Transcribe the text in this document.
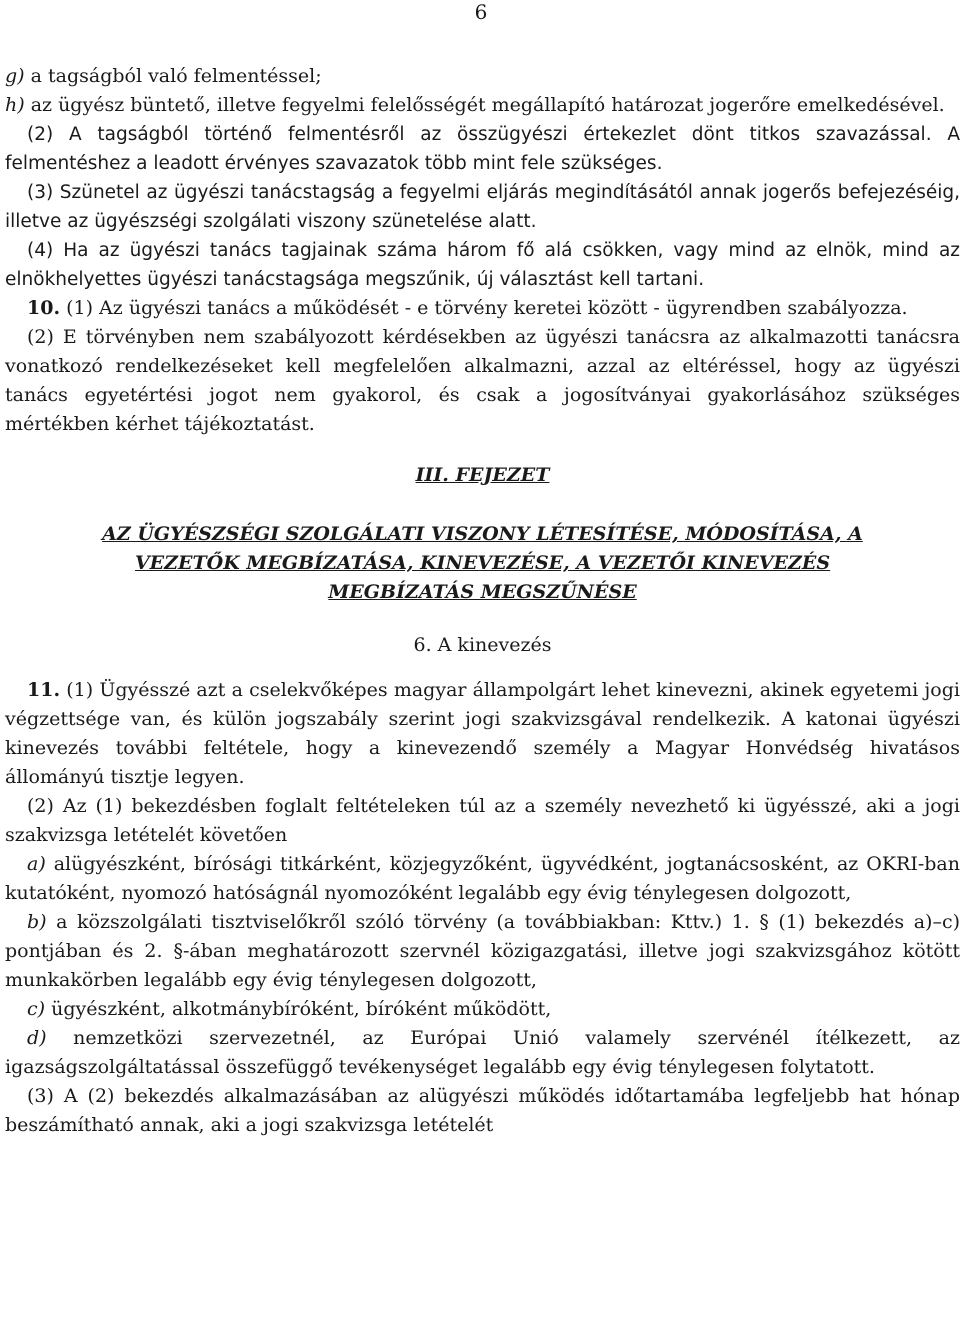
6

g) a tagságból való felmentéssel;

h) az ügyész büntető, illetve fegyelmi felelősségét megállapító határozat jogerőre emelkedésével.

(2) A tagságból történő felmentésről az összügyészi értekezlet dönt titkos szavazással. A felmentéshez a leadott érvényes szavazatok több mint fele szükséges.

(3) Szünetel az ügyészi tanácstagság a fegyelmi eljárás megindításától annak jogerős befejezéséig, illetve az ügyészségi szolgálati viszony szünetelése alatt.

(4) Ha az ügyészi tanács tagjainak száma három fő alá csökken, vagy mind az elnök, mind az elnökhelyettes ügyészi tanácstagsága megszűnik, új választást kell tartani.

10. (1) Az ügyészi tanács a működését - e törvény keretei között - ügyrendben szabályozza.

(2) E törvényben nem szabályozott kérdésekben az ügyészi tanácsra az alkalmazotti tanácsra vonatkozó rendelkezéseket kell megfelelően alkalmazni, azzal az eltéréssel, hogy az ügyészi tanács egyetértési jogot nem gyakorol, és csak a jogosítványai gyakorlásához szükséges mértékben kérhet tájékoztatást.

III. FEJEZET

AZ ÜGYÉSZSÉGI SZOLGÁLATI VISZONY LÉTESÍTÉSE, MÓDOSÍTÁSA, A
VEZETŐK MEGBÍZATÁSA, KINEVEZÉSE, A VEZETŐI KINEVEZÉS
MEGBÍZATÁS MEGSZŰNÉSE

6. A kinevezés

11. (1) Ügyésszé azt a cselekvőképes magyar állampolgárt lehet kinevezni, akinek egyetemi jogi végzettsége van, és külön jogszabály szerint jogi szakvizsgával rendelkezik. A katonai ügyészi kinevezés további feltétele, hogy a kinevezendő személy a Magyar Honvédség hivatásos állományú tisztje legyen.

(2) Az (1) bekezdésben foglalt feltételeken túl az a személy nevezhető ki ügyésszé, aki a jogi szakvizsga letételét követően

a) alügyészként, bírósági titkárként, közjegyzőként, ügyvédként, jogtanácsosként, az OKRI-ban kutatóként, nyomozó hatóságnál nyomozóként legalább egy évig ténylegesen dolgozott,

b) a közszolgálati tisztviselőkről szóló törvény (a továbbiakban: Kttv.) 1. § (1) bekezdés a)–c) pontjában és 2. §-ában meghatározott szervnél közigazgatási, illetve jogi szakvizsgához kötött munkakörben legalább egy évig ténylegesen dolgozott,

c) ügyészként, alkotmánybíróként, bíróként működött,

d) nemzetközi szervezetnél, az Európai Unió valamely szervénél ítélkezett, az igazságszolgáltatással összefüggő tevékenységet legalább egy évig ténylegesen folytatott.

(3) A (2) bekezdés alkalmazásában az alügyészi működés időtartamába legfeljebb hat hónap beszámítható annak, aki a jogi szakvizsga letételét
